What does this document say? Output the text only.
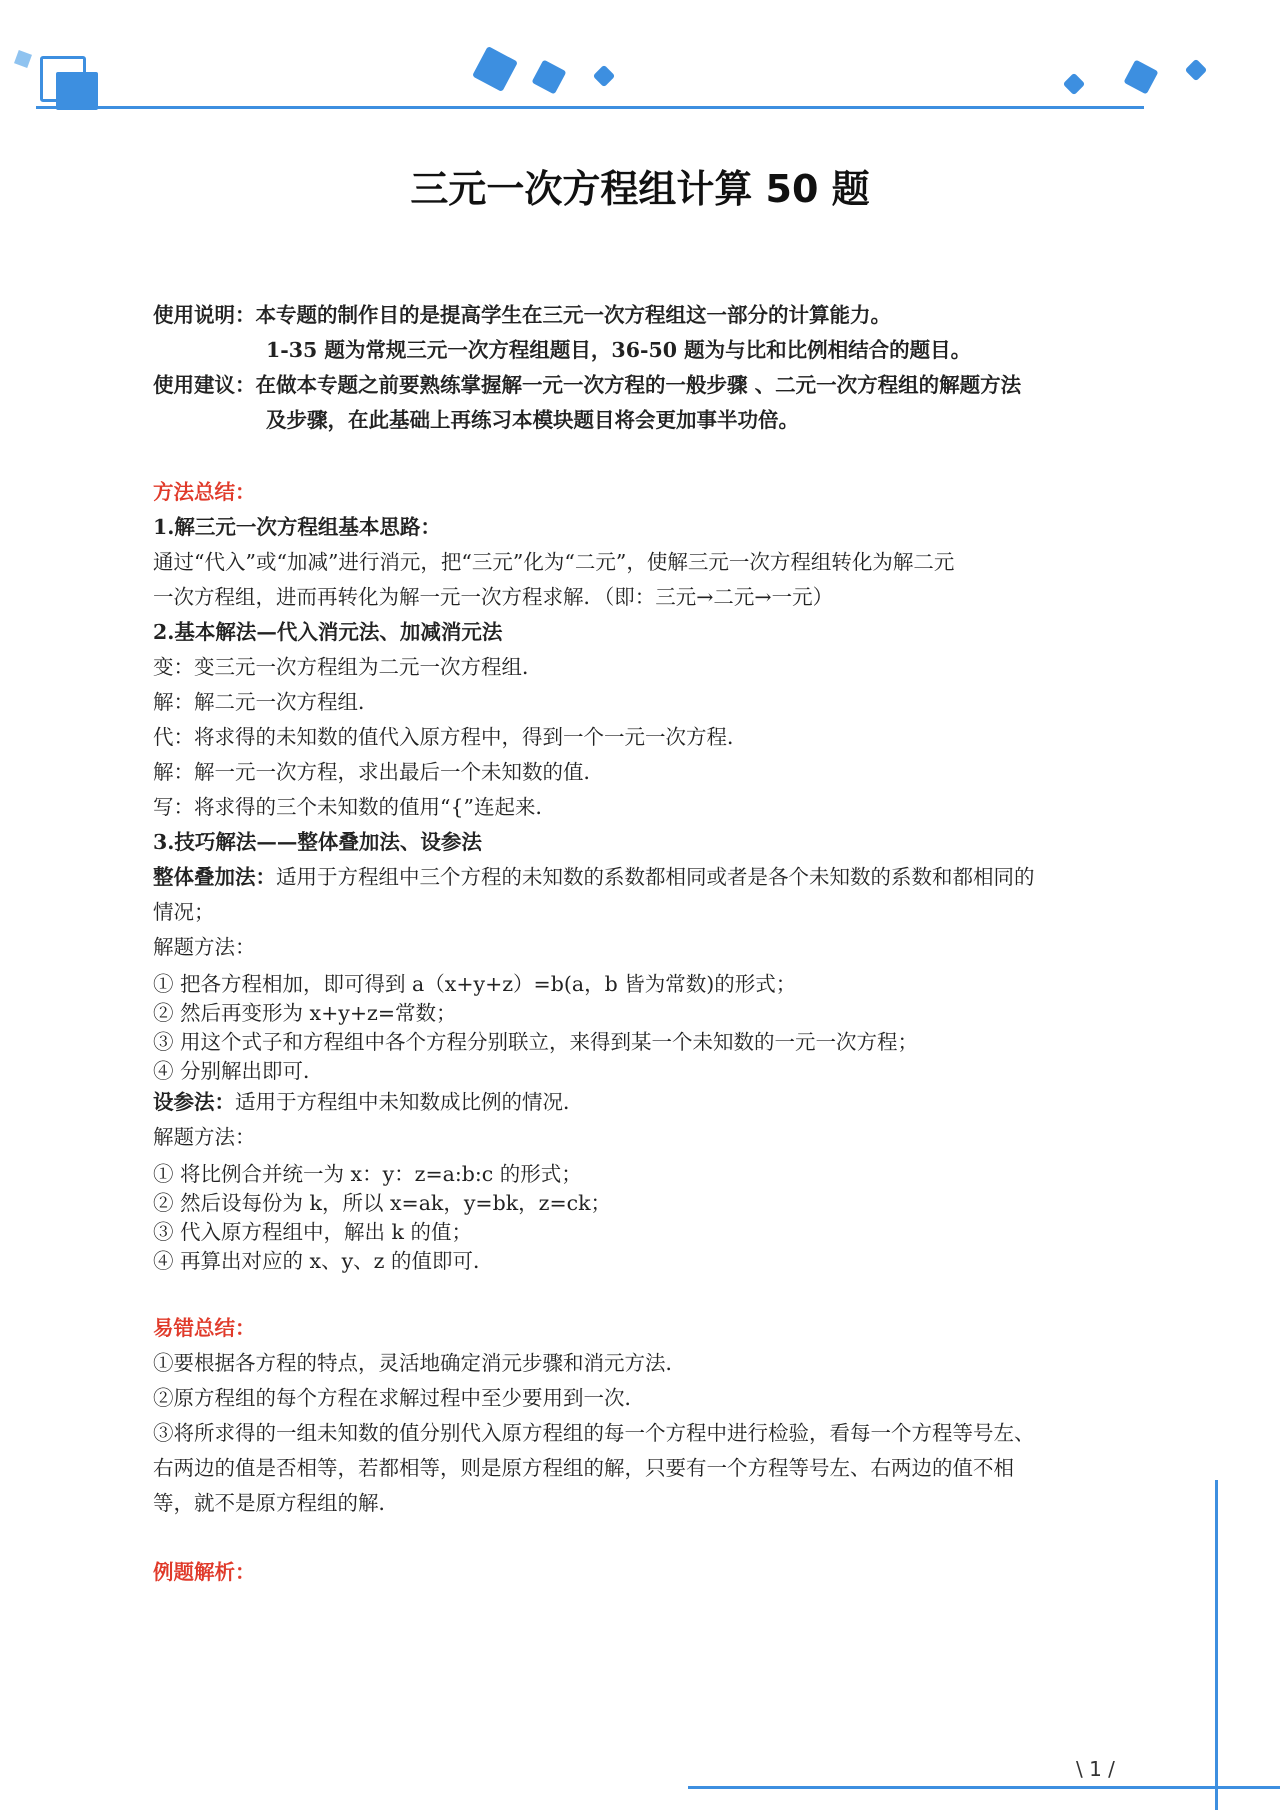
三元一次方程组计算 50 题
使用说明：本专题的制作目的是提高学生在三元一次方程组这一部分的计算能力。
1-35 题为常规三元一次方程组题目，36-50 题为与比和比例相结合的题目。
使用建议：在做本专题之前要熟练掌握解一元一次方程的一般步骤 、二元一次方程组的解题方法
及步骤，在此基础上再练习本模块题目将会更加事半功倍。
方法总结：
1.解三元一次方程组基本思路：
通过“代入”或“加减”进行消元，把“三元”化为“二元”，使解三元一次方程组转化为解二元
一次方程组，进而再转化为解一元一次方程求解．（即：三元→二元→一元）
2.基本解法—代入消元法、加减消元法
变：变三元一次方程组为二元一次方程组．
解：解二元一次方程组．
代：将求得的未知数的值代入原方程中，得到一个一元一次方程．
解：解一元一次方程，求出最后一个未知数的值．
写：将求得的三个未知数的值用“{”连起来．
3.技巧解法——整体叠加法、设参法
整体叠加法：适用于方程组中三个方程的未知数的系数都相同或者是各个未知数的系数和都相同的
情况；
解题方法：
① 把各方程相加，即可得到 a（x+y+z）=b(a，b 皆为常数)的形式；
② 然后再变形为 x+y+z=常数；
③ 用这个式子和方程组中各个方程分别联立，来得到某一个未知数的一元一次方程；
④ 分别解出即可．
设参法：适用于方程组中未知数成比例的情况．
解题方法：
① 将比例合并统一为 x：y：z=a:b:c 的形式；
② 然后设每份为 k，所以 x=ak，y=bk，z=ck；
③ 代入原方程组中，解出 k 的值；
④ 再算出对应的 x、y、z 的值即可．
易错总结：
①要根据各方程的特点，灵活地确定消元步骤和消元方法．
②原方程组的每个方程在求解过程中至少要用到一次．
③将所求得的一组未知数的值分别代入原方程组的每一个方程中进行检验，看每一个方程等号左、
右两边的值是否相等，若都相等，则是原方程组的解，只要有一个方程等号左、右两边的值不相
等，就不是原方程组的解．
例题解析：
\ 1 /
